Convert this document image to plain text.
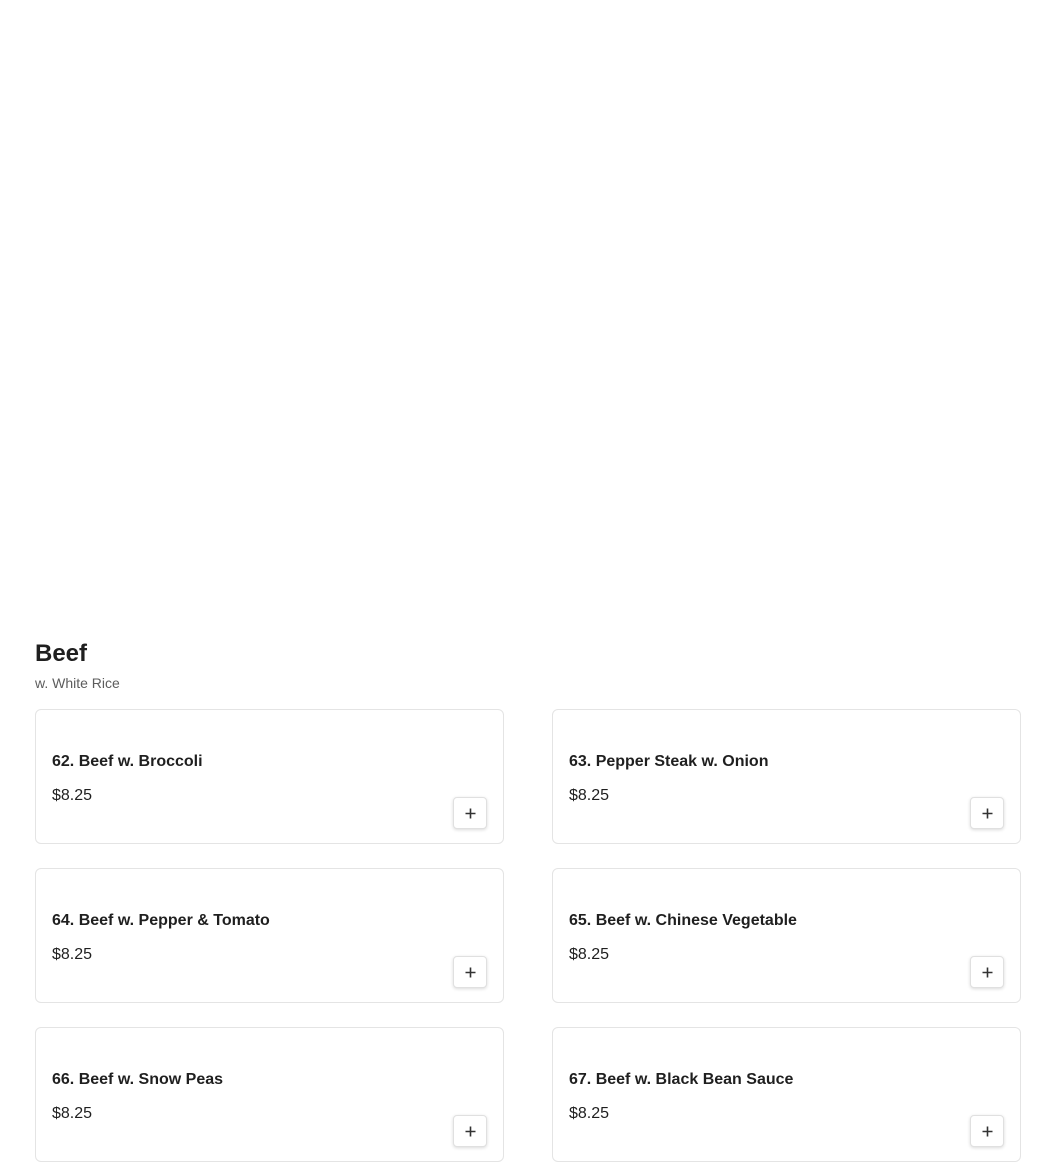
Beef
w. White Rice
62. Beef w. Broccoli
$8.25
63. Pepper Steak w. Onion
$8.25
64. Beef w. Pepper & Tomato
$8.25
65. Beef w. Chinese Vegetable
$8.25
66. Beef w. Snow Peas
$8.25
67. Beef w. Black Bean Sauce
$8.25
